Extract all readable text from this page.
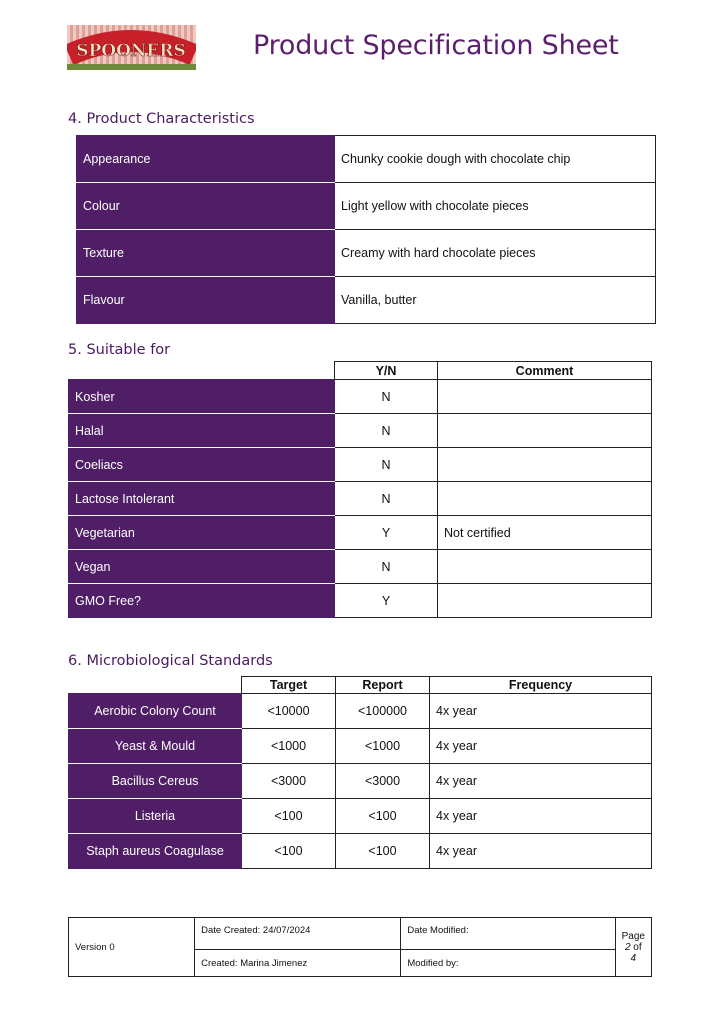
SPOONERS Product Specification Sheet
4. Product Characteristics
Appearance	Chunky cookie dough with chocolate chip
Colour	Light yellow with chocolate pieces
Texture	Creamy with hard chocolate pieces
Flavour	Vanilla, butter
5. Suitable for
	Y/N	Comment
Kosher	N	
Halal	N	
Coeliacs	N	
Lactose Intolerant	N	
Vegetarian	Y	Not certified
Vegan	N	
GMO Free?	Y	
6. Microbiological Standards
	Target	Report	Frequency
Aerobic Colony Count	<10000	<100000	4x year
Yeast & Mould	<1000	<1000	4x year
Bacillus Cereus	<3000	<3000	4x year
Listeria	<100	<100	4x year
Staph aureus Coagulase	<100	<100	4x year
Version 0	Date Created: 24/07/2024	Date Modified:	Page 2 of 4
	Created: Marina Jimenez	Modified by:	
